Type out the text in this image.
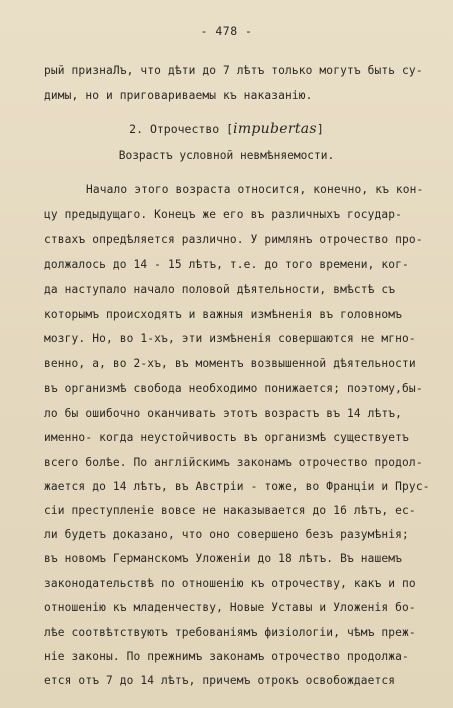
- 478 -
рый признаЛъ, что дѣти до 7 лѣтъ только могутъ быть су-
димы, но и приговариваемы къ наказанію.
2. Отрочество [impubertas]
Возрастъ условной невмѣняемости.
Начало этого возраста относится, конечно, къ кон-
цу предыдущаго. Конецъ же его въ различныхъ государ-
ствахъ опредѣляется различно. У римлянъ отрочество про-
должалось до 14 - 15 лѣтъ, т.е. до того времени, ког-
да наступало начало половой дѣятельности, вмѣстѣ съ
которымъ происходятъ и важныя измѣненія въ головномъ
мозгу. Но, во 1-хъ, эти измѣненія совершаются не мгно-
венно, а, во 2-хъ, въ моментъ возвышенной дѣятельности
въ организмѣ свобода необходимо понижается; поэтому,бы-
ло бы ошибочно оканчивать этотъ возрастъ въ 14 лѣтъ,
именно- когда неустойчивость въ организмѣ существуетъ
всего болѣе. По англійскимъ законамъ отрочество продол-
жается до 14 лѣтъ, въ Австріи - тоже, во Франціи и Прус-
сіи преступленіе вовсе не наказывается до 16 лѣтъ, ес-
ли будетъ доказано, что оно совершено безъ разумѣнія;
въ новомъ Германскомъ Уложеніи до 18 лѣтъ. Въ нашемъ
законодательствѣ по отношенію къ отрочеству, какъ и по
отношенію къ младенчеству, Новые Уставы и Уложенія бо-
лѣе соотвѣтствуютъ требованіямъ физіологіи, чѣмъ преж-
ніе законы. По прежнимъ законамъ отрочество продолжа-
ется отъ 7 до 14 лѣтъ, причемъ отрокъ освобождается
